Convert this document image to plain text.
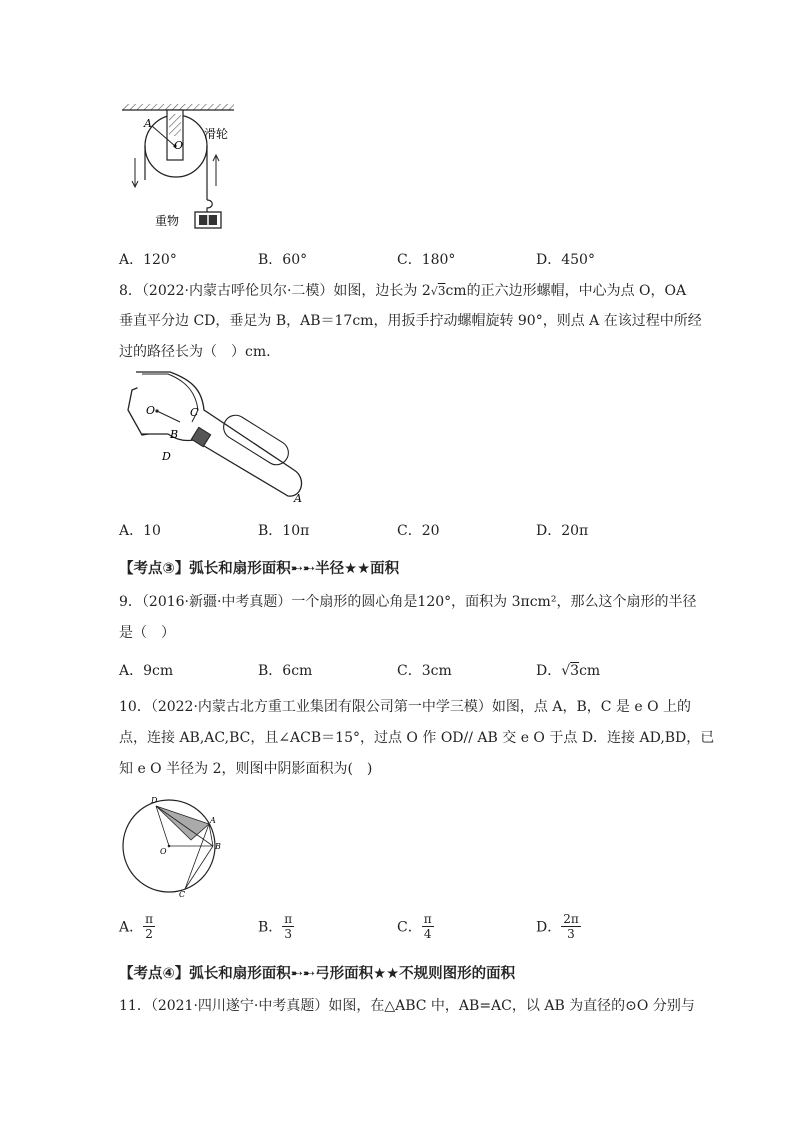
A
O
滑轮
重物
A．120°	B．60°	C．180°	D．450°
8．（2022·内蒙古呼伦贝尔·二模）如图，边长为 2√3cm的正六边形螺帽，中心为点 O，OA
垂直平分边 CD，垂足为 B，AB＝17cm，用扳手拧动螺帽旋转 90°，则点 A 在该过程中所经
过的路径长为（　）cm.
O	C
B
D
A
A．10	B．10π	C．20	D．20π
【考点③】弧长和扇形面积➸➸半径★★面积
9．（2016·新疆·中考真题）一个扇形的圆心角是120°，面积为 3πcm²，那么这个扇形的半径
是（　）
A．9cm	B．6cm	C．3cm	D．√3cm
10．（2022·内蒙古北方重工业集团有限公司第一中学三模）如图，点 A，B，C 是 e O 上的
点，连接 AB,AC,BC，且∠ACB＝15°，过点 O 作 OD// AB 交 e O 于点 D．连接 AD,BD，已
知 e O 半径为 2，则图中阴影面积为(　)
D
A
O
B
C
A． $\frac{\pi}{2}$	B． $\frac{\pi}{3}$	C． $\frac{\pi}{4}$	D． $\frac{2\pi}{3}$
【考点④】弧长和扇形面积➸➸弓形面积★★不规则图形的面积
11．（2021·四川遂宁·中考真题）如图，在△ABC 中，AB=AC，以 AB 为直径的⊙O 分别与
